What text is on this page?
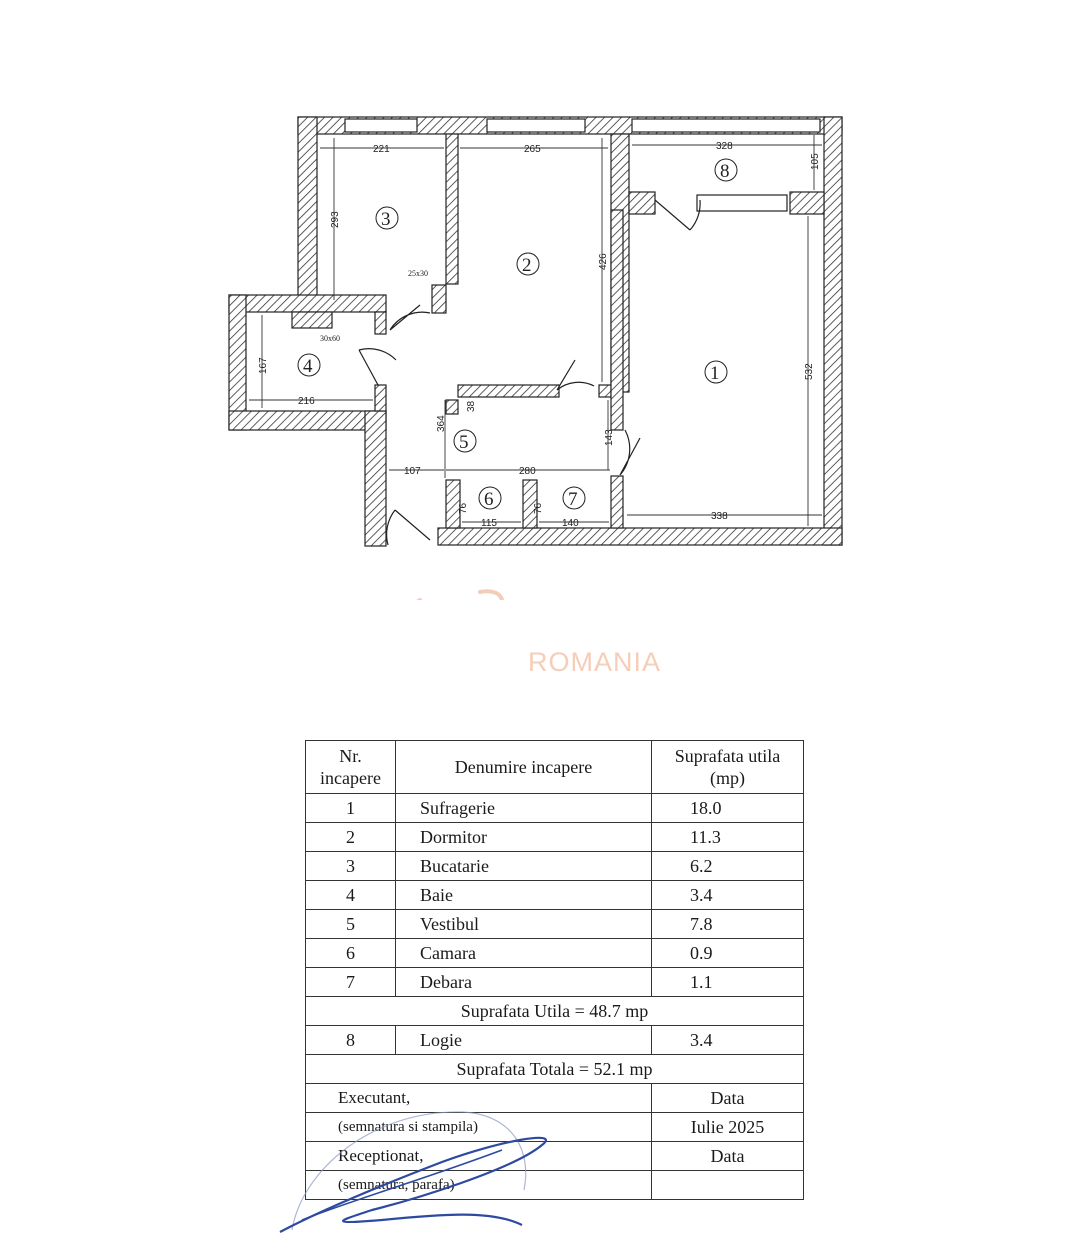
221	265	328
105
293
426
532
167
216
364
107	280
338
115	140
76	76
38
143
25x30
30x60
1
2
3
4
5
6	7
8
ROMANIA
Nr. incapere	Denumire incapere	Suprafata utila (mp)
1	Sufragerie	18.0
2	Dormitor	11.3
3	Bucatarie	6.2
4	Baie	3.4
5	Vestibul	7.8
6	Camara	0.9
7	Debara	1.1
Suprafata Utila = 48.7 mp		
8	Logie	3.4
Suprafata Totala = 52.1 mp		
Executant,		Data
(semnatura si stampila)		Iulie 2025
Receptionat,		Data
(semnatura, parafa)		
